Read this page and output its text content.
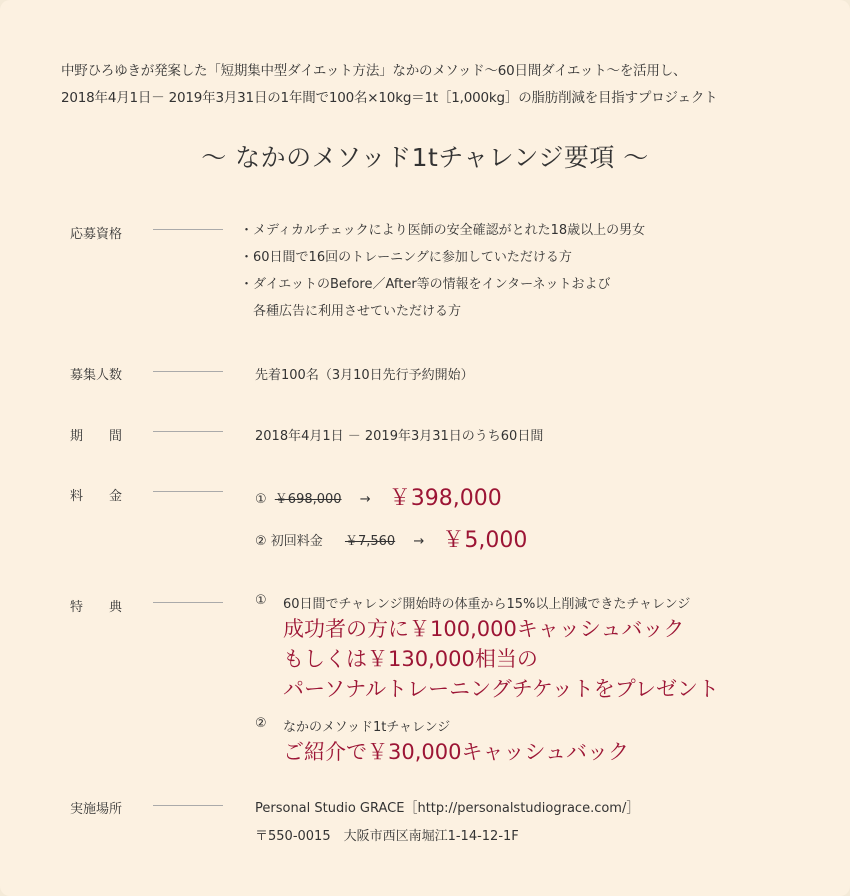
中野ひろゆきが発案した「短期集中型ダイエット方法」なかのメソッド〜60日間ダイエット〜を活用し、
2018年4月1日－ 2019年3月31日の1年間で100名×10kg＝1t［1,000kg］の脂肪削減を目指すプロジェクト
〜 なかのメソッド1tチャレンジ要項 〜
応募資格	・メディカルチェックにより医師の安全確認がとれた18歳以上の男女
・60日間で16回のトレーニングに参加していただける方
・ダイエットのBefore／After等の情報をインターネットおよび
　各種広告に利用させていただける方
募集人数	先着100名（3月10日先行予約開始）
期　　間	2018年4月1日 － 2019年3月31日のうち60日間
料　　金	① ￥698,000 → ￥398,000
② 初回料金 ￥7,560 → ￥5,000
特　　典	① 60日間でチャレンジ開始時の体重から15%以上削減できたチャレンジ
成功者の方に￥100,000キャッシュバック
もしくは￥130,000相当の
パーソナルトレーニングチケットをプレゼント
② なかのメソッド1tチャレンジ
ご紹介で￥30,000キャッシュバック
実施場所	Personal Studio GRACE［http://personalstudiograce.com/］
〒550-0015　大阪市西区南堀江1-14-12-1F
